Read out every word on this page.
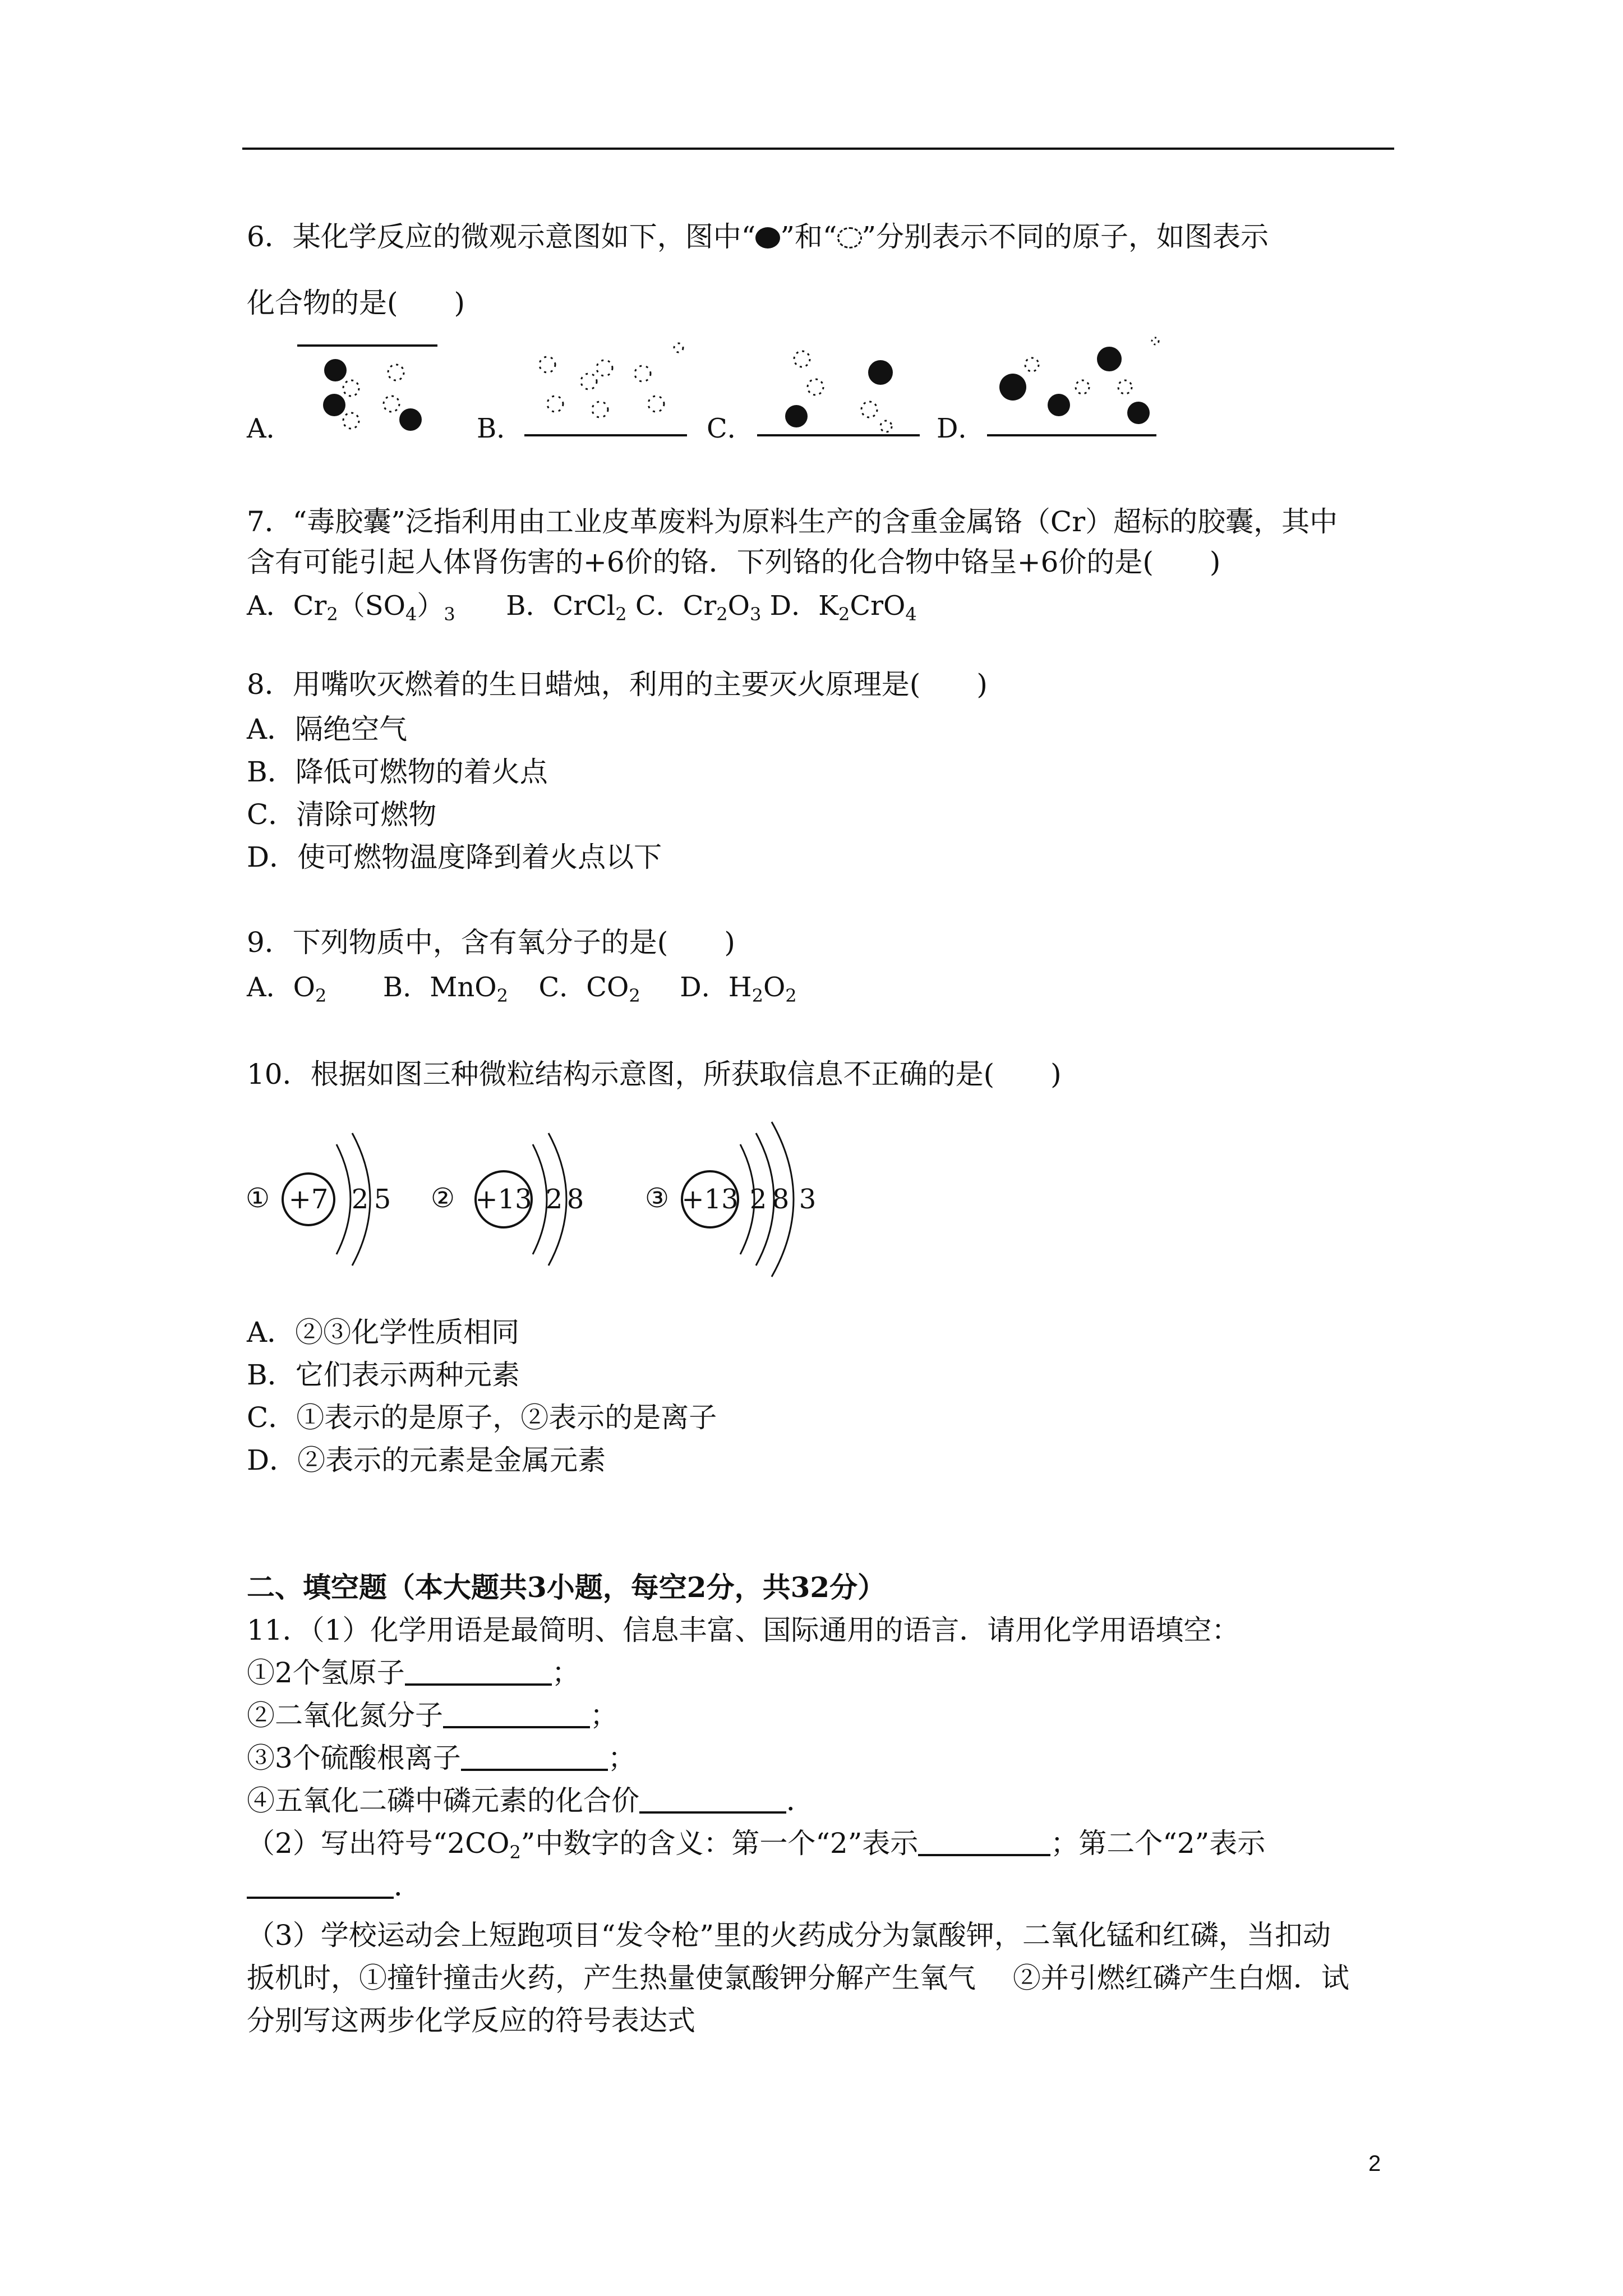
6．某化学反应的微观示意图如下，图中“ ”和“ ”分别表示不同的原子，如图表示
化合物的是(　　)
A．	B．	C．	D．
7．“毒胶囊”泛指利用由工业皮革废料为原料生产的含重金属铬（Cr）超标的胶囊，其中
含有可能引起人体肾伤害的+6价的铬．下列铬的化合物中铬呈+6价的是(　　)
A．$Cr_2(SO_4)_3$ B．CrCl$_2$ C．$Cr_2O_3$ D．$K_2CrO_4$
8．用嘴吹灭燃着的生日蜡烛，利用的主要灭火原理是(　　)
A．隔绝空气
B．降低可燃物的着火点
C．清除可燃物
D．使可燃物温度降到着火点以下
9．下列物质中，含有氧分子的是(　　)
A．$O_2$ B．MnO$_2$ C．$CO_2$ D．$H_2O_2$
10．根据如图三种微粒结构示意图，所获取信息不正确的是(　　)
① +7 2 5 ② +13 2 8 ③ +13 2 8 3
A．②③化学性质相同
B．它们表示两种元素
C．①表示的是原子，②表示的是离子
D．②表示的元素是金属元素
二、填空题（本大题共3小题，每空2分，共32分）
11．（1）化学用语是最简明、信息丰富、国际通用的语言．请用化学用语填空：
①2个氢原子	；
②二氧化氮分子	；
③3个硫酸根离子	；
④五氧化二磷中磷元素的化合价	．
（2）写出符号“$2CO_2$”中数字的含义：第一个“2”表示	；第二个“2”表示
．
（3）学校运动会上短跑项目“发令枪”里的火药成分为氯酸钾，二氧化锰和红磷，当扣动
扳机时，①撞针撞击火药，产生热量使氯酸钾分解产生氧气　 ②并引燃红磷产生白烟．试
分别写这两步化学反应的符号表达式
2
